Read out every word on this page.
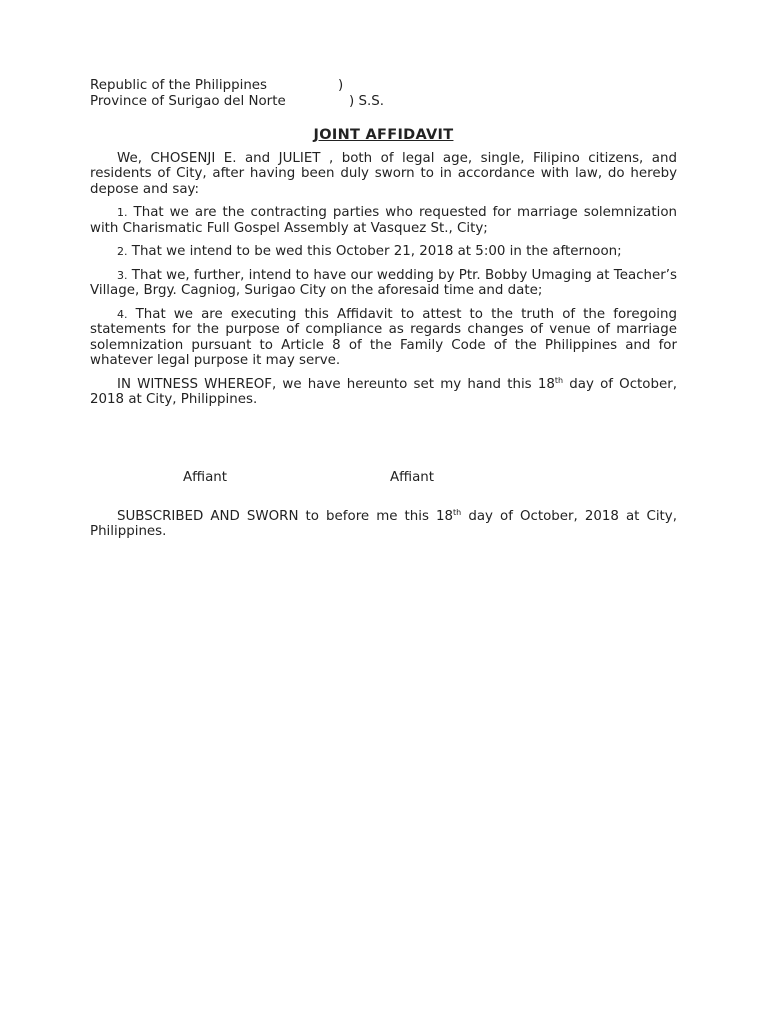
Republic of the Philippines	)
Province of Surigao del Norte	) S.S.
JOINT AFFIDAVIT

We, CHOSENJI E. and JULIET , both of legal age, single, Filipino citizens, and residents of City, after having been duly sworn to in accordance with law, do hereby depose and say:

1. That we are the contracting parties who requested for marriage solemnization with Charismatic Full Gospel Assembly at Vasquez St., City;

2. That we intend to be wed this October 21, 2018 at 5:00 in the afternoon;

3. That we, further, intend to have our wedding by Ptr. Bobby Umaging at Teacher’s Village, Brgy. Cagniog, Surigao City on the aforesaid time and date;

4. That we are executing this Affidavit to attest to the truth of the foregoing statements for the purpose of compliance as regards changes of venue of marriage solemnization pursuant to Article 8 of the Family Code of the Philippines and for whatever legal purpose it may serve.

IN WITNESS WHEREOF, we have hereunto set my hand this 18th day of October, 2018 at City, Philippines.

Affiant	Affiant

SUBSCRIBED AND SWORN to before me this 18th day of October, 2018 at City, Philippines.
